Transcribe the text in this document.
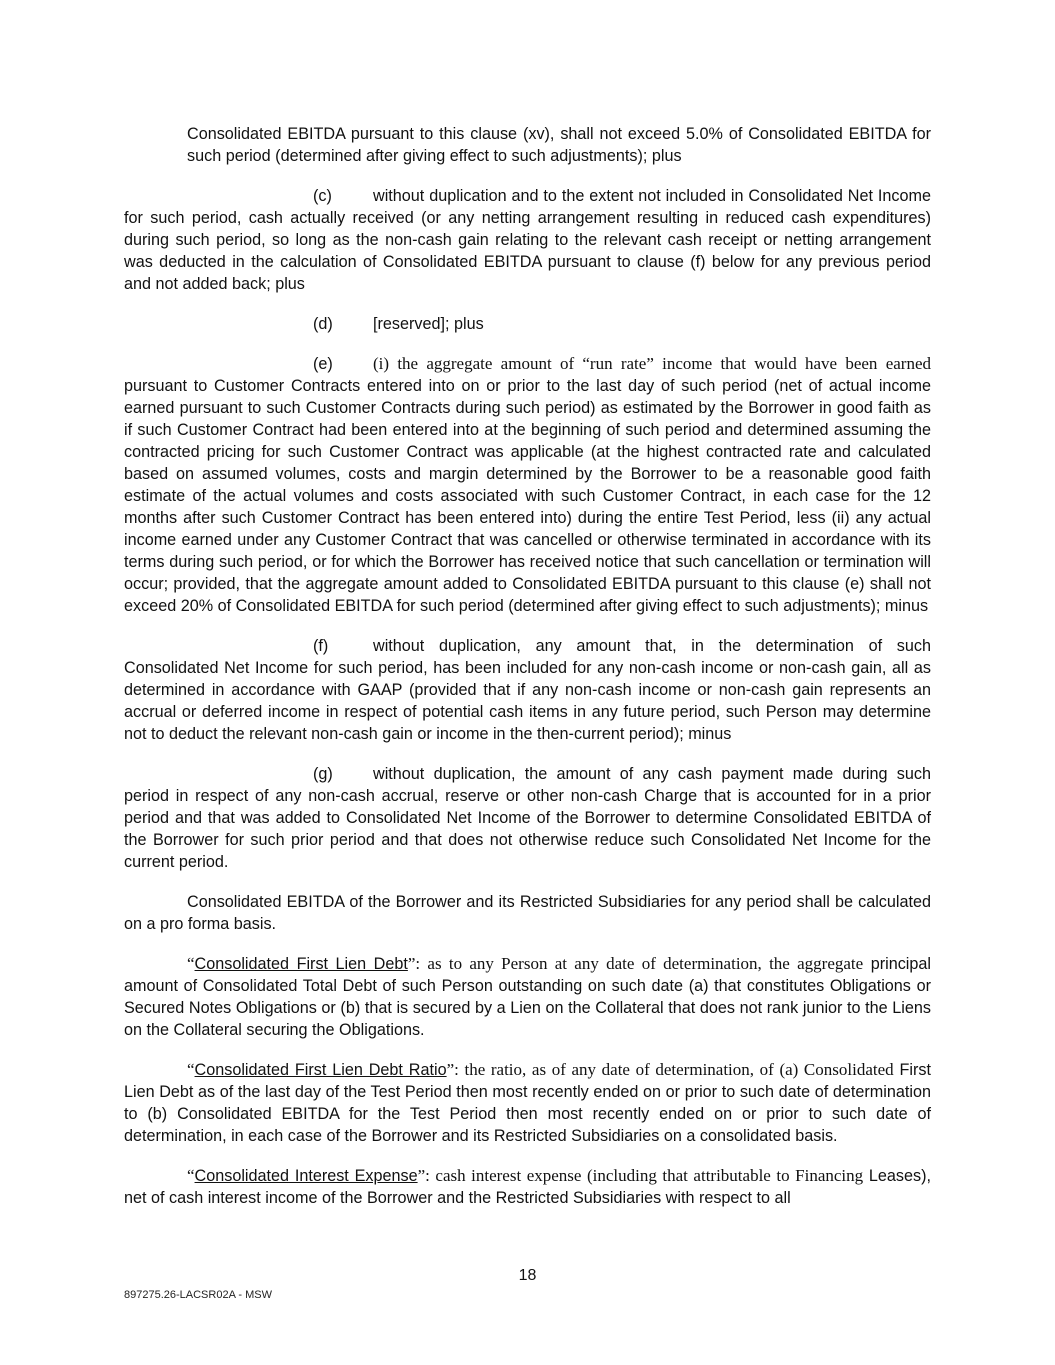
Consolidated EBITDA pursuant to this clause (xv), shall not exceed 5.0% of Consolidated EBITDA for such period (determined after giving effect to such adjustments); plus

(c)	without duplication and to the extent not included in Consolidated Net Income for such period, cash actually received (or any netting arrangement resulting in reduced cash expenditures) during such period, so long as the non-cash gain relating to the relevant cash receipt or netting arrangement was deducted in the calculation of Consolidated EBITDA pursuant to clause (f) below for any previous period and not added back; plus

(d) [reserved]; plus

(e) (i) the aggregate amount of “run rate” income that would have been earned pursuant to Customer Contracts entered into on or prior to the last day of such period (net of actual income earned pursuant to such Customer Contracts during such period) as estimated by the Borrower in good faith as if such Customer Contract had been entered into at the beginning of such period and determined assuming the contracted pricing for such Customer Contract was applicable (at the highest contracted rate and calculated based on assumed volumes, costs and margin determined by the Borrower to be a reasonable good faith estimate of the actual volumes and costs associated with such Customer Contract, in each case for the 12 months after such Customer Contract has been entered into) during the entire Test Period, less (ii) any actual income earned under any Customer Contract that was cancelled or otherwise terminated in accordance with its terms during such period, or for which the Borrower has received notice that such cancellation or termination will occur; provided, that the aggregate amount added to Consolidated EBITDA pursuant to this clause (e) shall not exceed 20% of Consolidated EBITDA for such period (determined after giving effect to such adjustments); minus

(f)	without duplication, any amount that, in the determination of such Consolidated Net Income for such period, has been included for any non-cash income or non-cash gain, all as determined in accordance with GAAP (provided that if any non-cash income or non-cash gain represents an accrual or deferred income in respect of potential cash items in any future period, such Person may determine not to deduct the relevant non-cash gain or income in the then-current period); minus

(g) without duplication, the amount of any cash payment made during such period in respect of any non-cash accrual, reserve or other non-cash Charge that is accounted for in a prior period and that was added to Consolidated Net Income of the Borrower to determine Consolidated EBITDA of the Borrower for such prior period and that does not otherwise reduce such Consolidated Net Income for the current period.

Consolidated EBITDA of the Borrower and its Restricted Subsidiaries for any period shall be calculated on a pro forma basis.

“Consolidated First Lien Debt”: as to any Person at any date of determination, the aggregate principal amount of Consolidated Total Debt of such Person outstanding on such date (a) that constitutes Obligations or Secured Notes Obligations or (b) that is secured by a Lien on the Collateral that does not rank junior to the Liens on the Collateral securing the Obligations.

“Consolidated First Lien Debt Ratio”: the ratio, as of any date of determination, of (a) Consolidated First Lien Debt as of the last day of the Test Period then most recently ended on or prior to such date of determination to (b) Consolidated EBITDA for the Test Period then most recently ended on or prior to such date of determination, in each case of the Borrower and its Restricted Subsidiaries on a consolidated basis.

“Consolidated Interest Expense”: cash interest expense (including that attributable to Financing Leases), net of cash interest income of the Borrower and the Restricted Subsidiaries with respect to all

18
897275.26-LACSR02A - MSW
